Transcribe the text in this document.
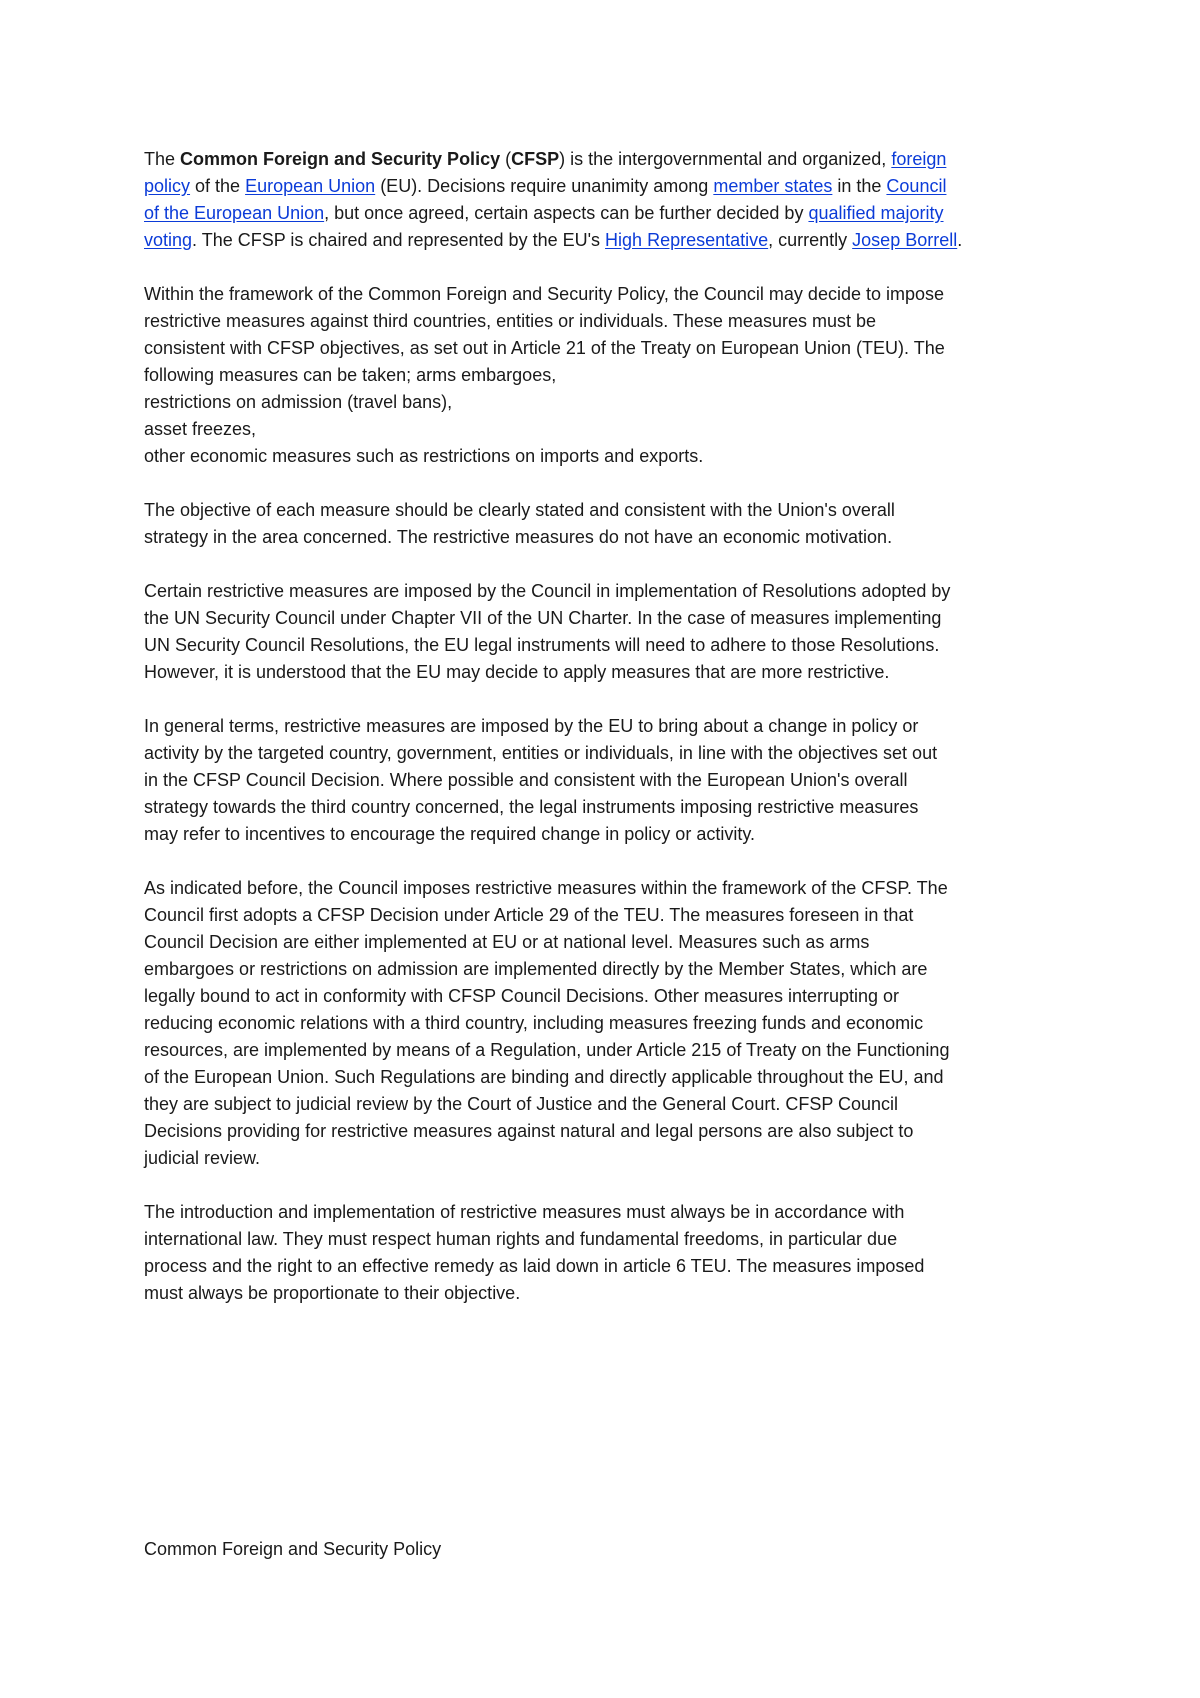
The Common Foreign and Security Policy (CFSP) is the intergovernmental and organized, foreign
policy of the European Union (EU). Decisions require unanimity among member states in the Council
of the European Union, but once agreed, certain aspects can be further decided by qualified majority
voting. The CFSP is chaired and represented by the EU's High Representative, currently Josep Borrell.
Within the framework of the Common Foreign and Security Policy, the Council may decide to impose
restrictive measures against third countries, entities or individuals. These measures must be
consistent with CFSP objectives, as set out in Article 21 of the Treaty on European Union (TEU). The
following measures can be taken; arms embargoes,
restrictions on admission (travel bans),
asset freezes,
other economic measures such as restrictions on imports and exports.
The objective of each measure should be clearly stated and consistent with the Union's overall
strategy in the area concerned. The restrictive measures do not have an economic motivation.
Certain restrictive measures are imposed by the Council in implementation of Resolutions adopted by
the UN Security Council under Chapter VII of the UN Charter. In the case of measures implementing
UN Security Council Resolutions, the EU legal instruments will need to adhere to those Resolutions.
However, it is understood that the EU may decide to apply measures that are more restrictive.
In general terms, restrictive measures are imposed by the EU to bring about a change in policy or
activity by the targeted country, government, entities or individuals, in line with the objectives set out
in the CFSP Council Decision. Where possible and consistent with the European Union's overall
strategy towards the third country concerned, the legal instruments imposing restrictive measures
may refer to incentives to encourage the required change in policy or activity.
As indicated before, the Council imposes restrictive measures within the framework of the CFSP. The
Council first adopts a CFSP Decision under Article 29 of the TEU. The measures foreseen in that
Council Decision are either implemented at EU or at national level. Measures such as arms
embargoes or restrictions on admission are implemented directly by the Member States, which are
legally bound to act in conformity with CFSP Council Decisions. Other measures interrupting or
reducing economic relations with a third country, including measures freezing funds and economic
resources, are implemented by means of a Regulation, under Article 215 of Treaty on the Functioning
of the European Union. Such Regulations are binding and directly applicable throughout the EU, and
they are subject to judicial review by the Court of Justice and the General Court. CFSP Council
Decisions providing for restrictive measures against natural and legal persons are also subject to
judicial review.
The introduction and implementation of restrictive measures must always be in accordance with
international law. They must respect human rights and fundamental freedoms, in particular due
process and the right to an effective remedy as laid down in article 6 TEU. The measures imposed
must always be proportionate to their objective.
Common Foreign and Security Policy
